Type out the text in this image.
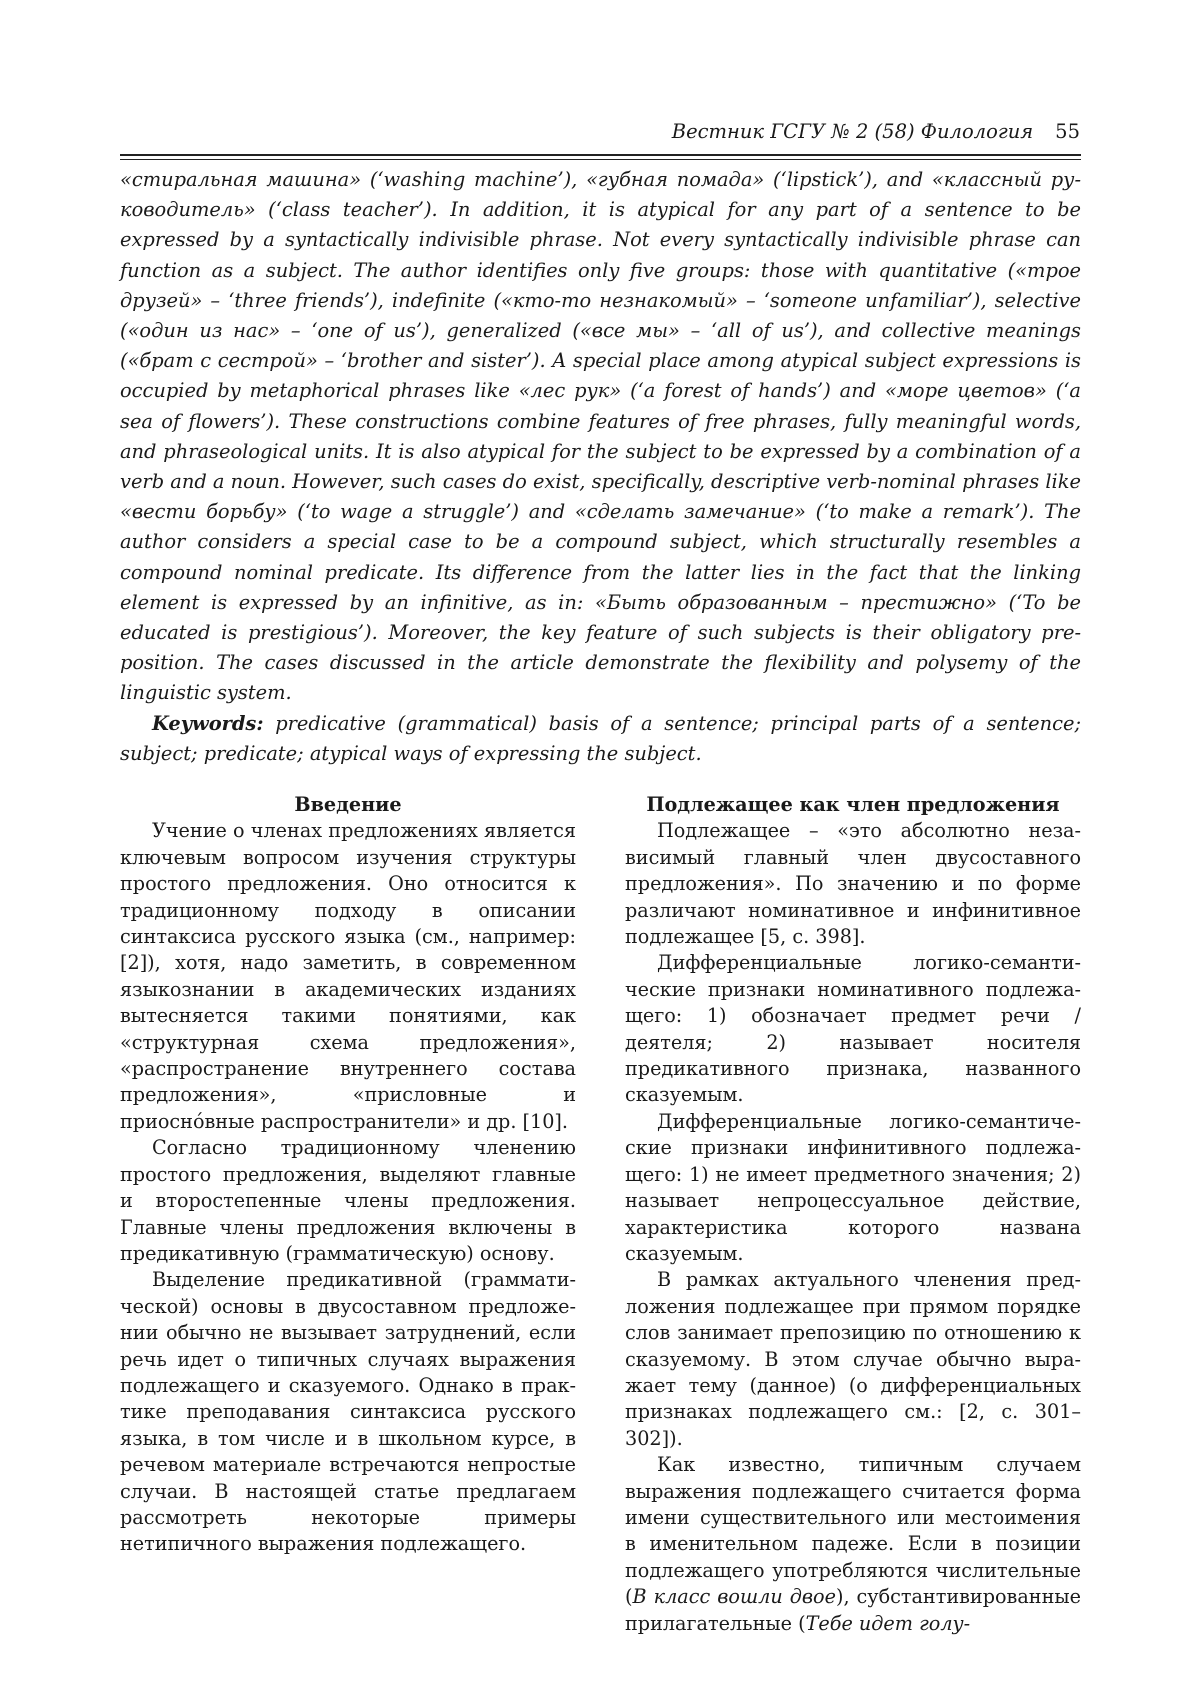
Вестник ГСГУ № 2 (58) Филология 55

«стиральная машина» (‘washing machine’), «губная помада» (‘lipstick’), and «классный руководитель» (‘class teacher’). In addition, it is atypical for any part of a sentence to be expressed by a syntactically indivisible phrase. Not every syntactically indivisible phrase can function as a subject. The author identifies only five groups: those with quantitative («трое друзей» – ‘three friends’), indefinite («кто-то незнакомый» – ‘someone unfamiliar’), selective («один из нас» – ‘one of us’), generalized («все мы» – ‘all of us’), and collective meanings («брат с сестрой» – ‘brother and sister’). A special place among atypical subject expressions is occupied by metaphorical phrases like «лес рук» (‘a forest of hands’) and «море цветов» (‘a sea of flowers’). These constructions combine features of free phrases, fully meaningful words, and phraseological units. It is also atypical for the subject to be expressed by a combination of a verb and a noun. However, such cases do exist, specifically, descriptive verb-nominal phrases like «вести борьбу» (‘to wage a struggle’) and «сделать замечание» (‘to make a remark’). The author considers a special case to be a compound subject, which structurally resembles a compound nominal predicate. Its difference from the latter lies in the fact that the linking element is expressed by an infinitive, as in: «Быть образованным – престижно» (‘To be educated is prestigious’). Moreover, the key feature of such subjects is their obligatory pre-position. The cases discussed in the article demonstrate the flexibility and polysemy of the linguistic system.

Keywords: predicative (grammatical) basis of a sentence; principal parts of a sentence; subject; predicate; atypical ways of expressing the subject.

Введение

Учение о членах предложениях является ключевым вопросом изучения структуры простого предложения. Оно относится к традиционному подходу в описании синтаксиса русского языка (см., например: [2]), хотя, надо заметить, в современном языкознании в академических изданиях вытесняется такими понятиями, как «структурная схема предложения», «распространение внутреннего состава предложения», «присловные и приоснóвные распространители» и др. [10].

Согласно традиционному членению простого предложения, выделяют главные и второстепенные члены предложения. Главные члены предложения включены в предикативную (грамматическую) основу.

Выделение предикативной (грамматической) основы в двусоставном предложении обычно не вызывает затруднений, если речь идет о типичных случаях выражения подлежащего и сказуемого. Однако в практике преподавания синтаксиса русского языка, в том числе и в школьном курсе, в речевом материале встречаются непростые случаи. В настоящей статье предлагаем рассмотреть некоторые примеры нетипичного выражения подлежащего.

Подлежащее как член предложения

Подлежащее – «это абсолютно независимый главный член двусоставного предложения». По значению и по форме различают номинативное и инфинитивное подлежащее [5, с. 398].

Дифференциальные логико-семантические признаки номинативного подлежащего: 1) обозначает предмет речи / деятеля; 2) называет носителя предикативного признака, названного сказуемым.

Дифференциальные логико-семантические признаки инфинитивного подлежащего: 1) не имеет предметного значения; 2) называет непроцессуальное действие, характеристика которого названа сказуемым.

В рамках актуального членения предложения подлежащее при прямом порядке слов занимает препозицию по отношению к сказуемому. В этом случае обычно выражает тему (данное) (о дифференциальных признаках подлежащего см.: [2, с. 301–302]).

Как известно, типичным случаем выражения подлежащего считается форма имени существительного или местоимения в именительном падеже. Если в позиции подлежащего употребляются числительные (В класс вошли двое), субстантивированные прилагательные (Тебе идет голу-
